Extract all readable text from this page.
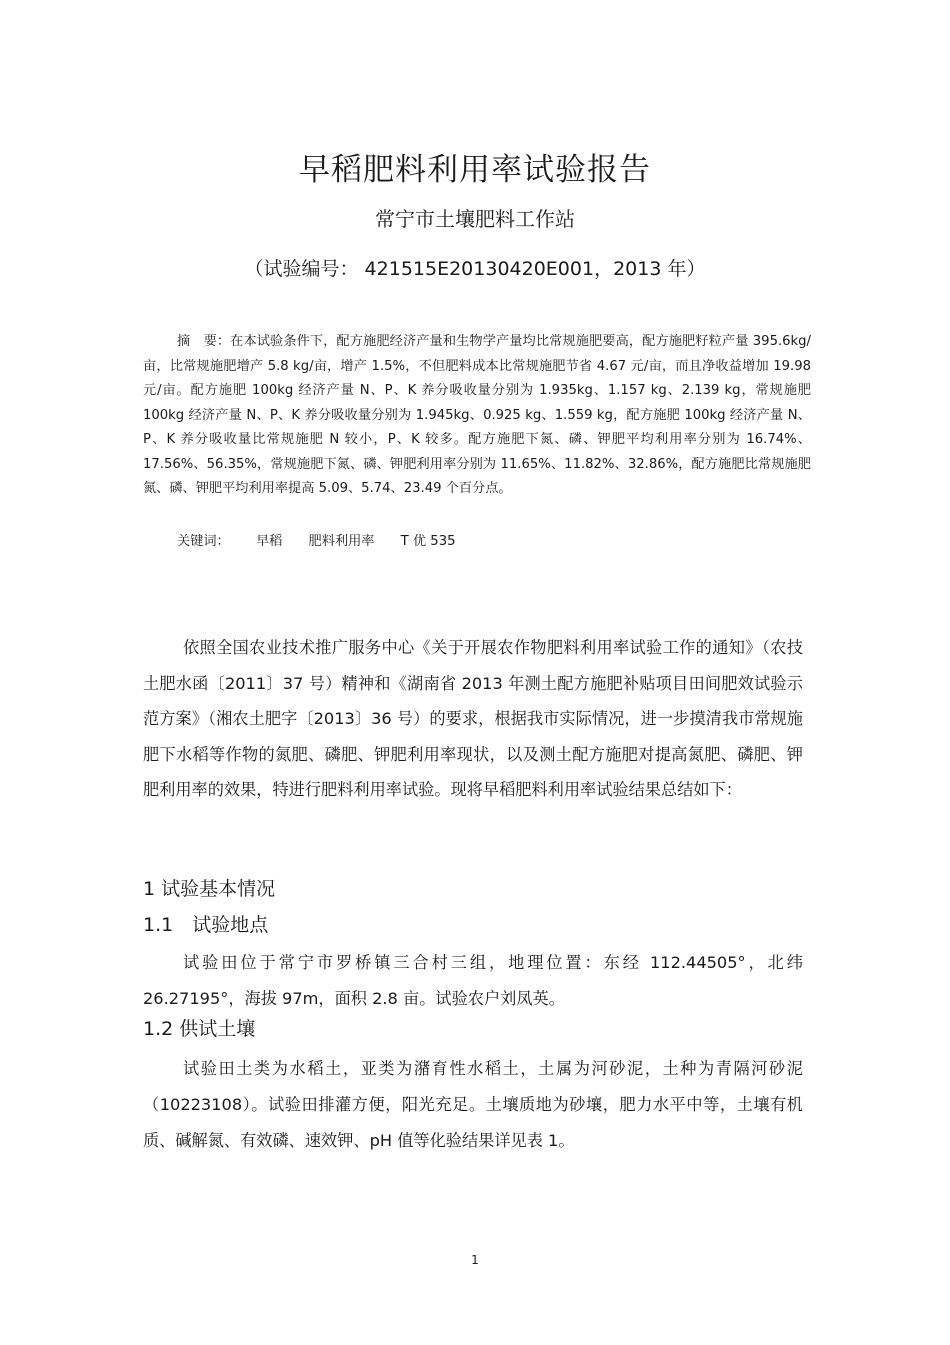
早稻肥料利用率试验报告
常宁市土壤肥料工作站
（试验编号： 421515E20130420E001，2013 年）
摘　要：在本试验条件下，配方施肥经济产量和生物学产量均比常规施肥要高，配方施肥籽粒产量 395.6kg/亩，比常规施肥增产 5.8 kg/亩，增产 1.5%，不但肥料成本比常规施肥节省 4.67 元/亩，而且净收益增加 19.98 元/亩。配方施肥 100kg 经济产量 N、P、K 养分吸收量分别为 1.935kg、1.157 kg、2.139 kg，常规施肥 100kg 经济产量 N、P、K 养分吸收量分别为 1.945kg、0.925 kg、1.559 kg，配方施肥 100kg 经济产量 N、P、K 养分吸收量比常规施肥 N 较小，P、K 较多。配方施肥下氮、磷、钾肥平均利用率分别为 16.74%、17.56%、56.35%，常规施肥下氮、磷、钾肥利用率分别为 11.65%、11.82%、32.86%，配方施肥比常规施肥氮、磷、钾肥平均利用率提高 5.09、5.74、23.49 个百分点。
关键词： 早稻 肥料利用率 T 优 535
依照全国农业技术推广服务中心《关于开展农作物肥料利用率试验工作的通知》（农技土肥水函〔2011〕37 号）精神和《湖南省 2013 年测土配方施肥补贴项目田间肥效试验示范方案》（湘农土肥字〔2013〕36 号）的要求，根据我市实际情况，进一步摸清我市常规施肥下水稻等作物的氮肥、磷肥、钾肥利用率现状，以及测土配方施肥对提高氮肥、磷肥、钾肥利用率的效果，特进行肥料利用率试验。现将早稻肥料利用率试验结果总结如下：
1 试验基本情况
1.1　试验地点
试验田位于常宁市罗桥镇三合村三组，地理位置：东经 112.44505°，北纬 26.27195°，海拔 97m，面积 2.8 亩。试验农户刘凤英。
1.2 供试土壤
试验田土类为水稻土，亚类为潴育性水稻土，土属为河砂泥，土种为青隔河砂泥（10223108）。试验田排灌方便，阳光充足。土壤质地为砂壤，肥力水平中等，土壤有机质、碱解氮、有效磷、速效钾、pH 值等化验结果详见表 1。
1
